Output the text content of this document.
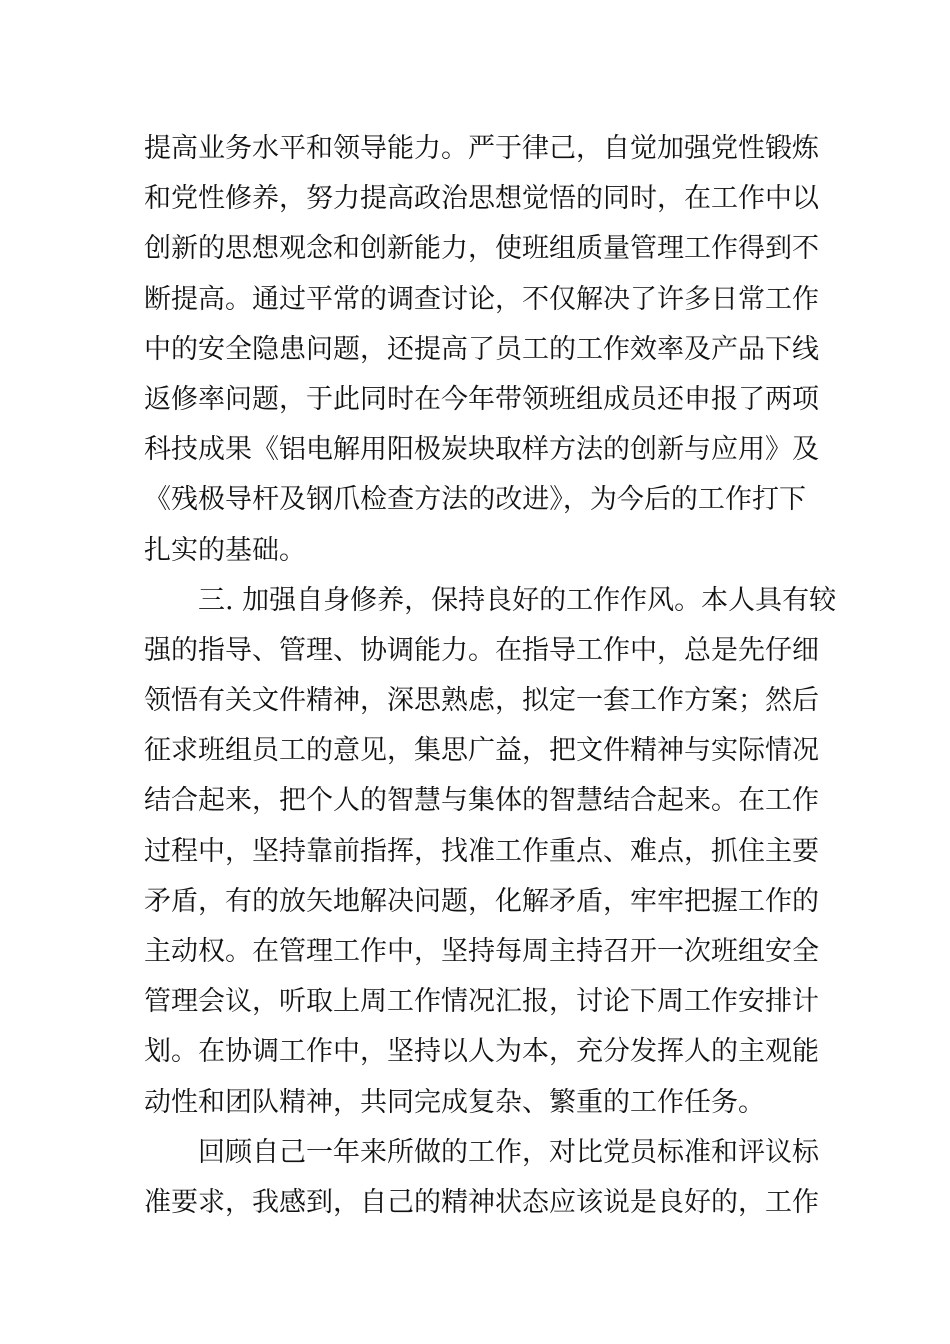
提高业务水平和领导能力。严于律己，自觉加强党性锻炼
和党性修养，努力提高政治思想觉悟的同时，在工作中以
创新的思想观念和创新能力，使班组质量管理工作得到不
断提高。通过平常的调查讨论，不仅解决了许多日常工作
中的安全隐患问题，还提高了员工的工作效率及产品下线
返修率问题，于此同时在今年带领班组成员还申报了两项
科技成果《铝电解用阳极炭块取样方法的创新与应用》及
《残极导杆及钢爪检查方法的改进》，为今后的工作打下
扎实的基础。
三. 加强自身修养，保持良好的工作作风。本人具有较
强的指导、管理、协调能力。在指导工作中，总是先仔细
领悟有关文件精神，深思熟虑，拟定一套工作方案；然后
征求班组员工的意见，集思广益，把文件精神与实际情况
结合起来，把个人的智慧与集体的智慧结合起来。在工作
过程中，坚持靠前指挥，找准工作重点、难点，抓住主要
矛盾，有的放矢地解决问题，化解矛盾，牢牢把握工作的
主动权。在管理工作中，坚持每周主持召开一次班组安全
管理会议，听取上周工作情况汇报，讨论下周工作安排计
划。在协调工作中，坚持以人为本，充分发挥人的主观能
动性和团队精神，共同完成复杂、繁重的工作任务。
回顾自己一年来所做的工作，对比党员标准和评议标
准要求，我感到，自己的精神状态应该说是良好的，工作
